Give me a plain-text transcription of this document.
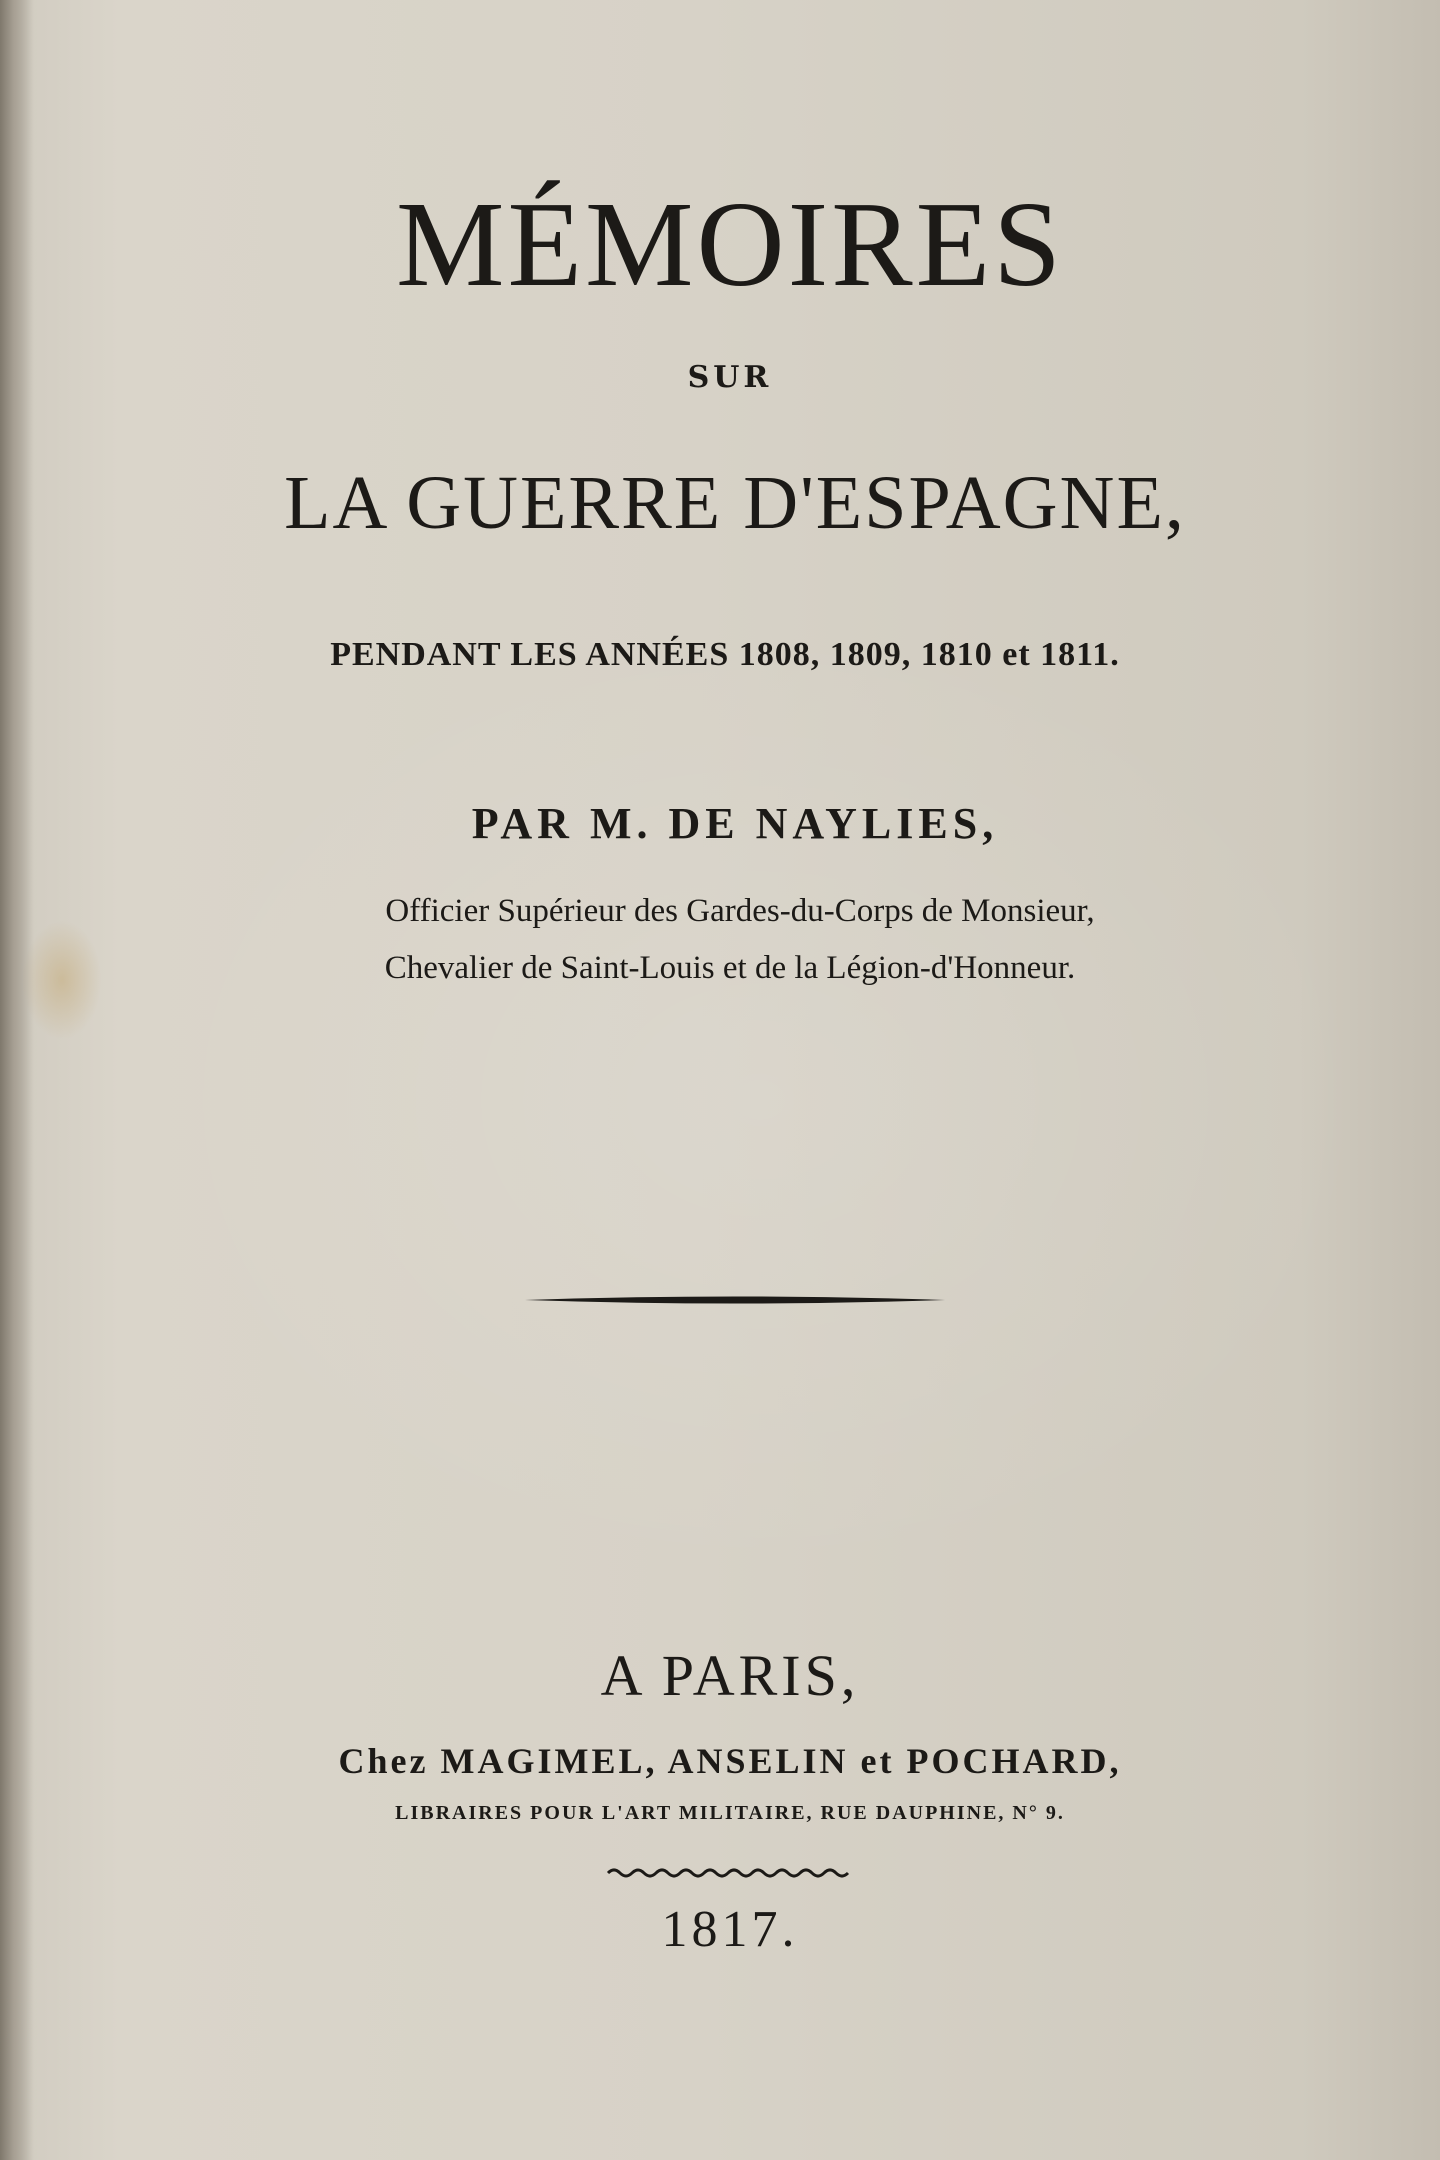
MÉMOIRES
SUR
LA GUERRE D'ESPAGNE,
PENDANT LES ANNÉES 1808, 1809, 1810 et 1811.
PAR M. DE NAYLIES,
Officier Supérieur des Gardes-du-Corps de Monsieur,
Chevalier de Saint-Louis et de la Légion-d'Honneur.
A PARIS,
Chez MAGIMEL, ANSELIN et POCHARD,
LIBRAIRES POUR L'ART MILITAIRE, RUE DAUPHINE, N° 9.
1817.
